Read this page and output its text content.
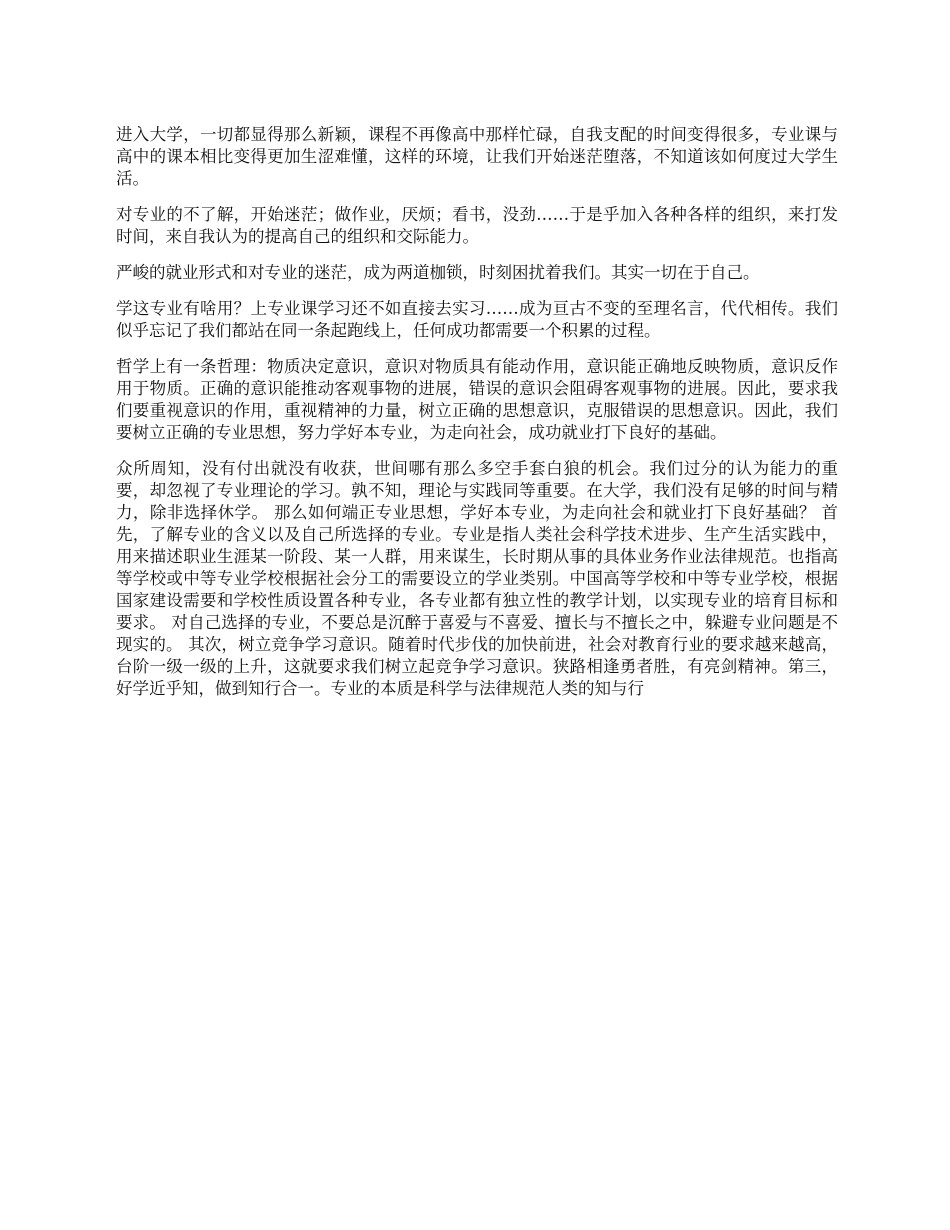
进入大学，一切都显得那么新颖，课程不再像高中那样忙碌，自我支配的时间变得很多，专业课与高中的课本相比变得更加生涩难懂，这样的环境，让我们开始迷茫堕落，不知道该如何度过大学生活。

对专业的不了解，开始迷茫；做作业，厌烦；看书，没劲……于是乎加入各种各样的组织，来打发时间，来自我认为的提高自己的组织和交际能力。

严峻的就业形式和对专业的迷茫，成为两道枷锁，时刻困扰着我们。其实一切在于自己。

学这专业有啥用？上专业课学习还不如直接去实习……成为亘古不变的至理名言，代代相传。我们似乎忘记了我们都站在同一条起跑线上，任何成功都需要一个积累的过程。

哲学上有一条哲理：物质决定意识，意识对物质具有能动作用，意识能正确地反映物质，意识反作用于物质。正确的意识能推动客观事物的进展，错误的意识会阻碍客观事物的进展。因此，要求我们要重视意识的作用，重视精神的力量，树立正确的思想意识，克服错误的思想意识。因此，我们要树立正确的专业思想，努力学好本专业，为走向社会，成功就业打下良好的基础。

众所周知，没有付出就没有收获，世间哪有那么多空手套白狼的机会。我们过分的认为能力的重要，却忽视了专业理论的学习。孰不知，理论与实践同等重要。在大学，我们没有足够的时间与精力，除非选择休学。 那么如何端正专业思想，学好本专业，为走向社会和就业打下良好基础？ 首先，了解专业的含义以及自己所选择的专业。专业是指人类社会科学技术进步、生产生活实践中，用来描述职业生涯某一阶段、某一人群，用来谋生，长时期从事的具体业务作业法律规范。也指高等学校或中等专业学校根据社会分工的需要设立的学业类别。中国高等学校和中等专业学校，根据国家建设需要和学校性质设置各种专业，各专业都有独立性的教学计划，以实现专业的培育目标和要求。 对自己选择的专业，不要总是沉醉于喜爱与不喜爱、擅长与不擅长之中，躲避专业问题是不现实的。 其次，树立竞争学习意识。随着时代步伐的加快前进，社会对教育行业的要求越来越高，台阶一级一级的上升，这就要求我们树立起竞争学习意识。狭路相逢勇者胜，有亮剑精神。第三，好学近乎知，做到知行合一。专业的本质是科学与法律规范人类的知与行
